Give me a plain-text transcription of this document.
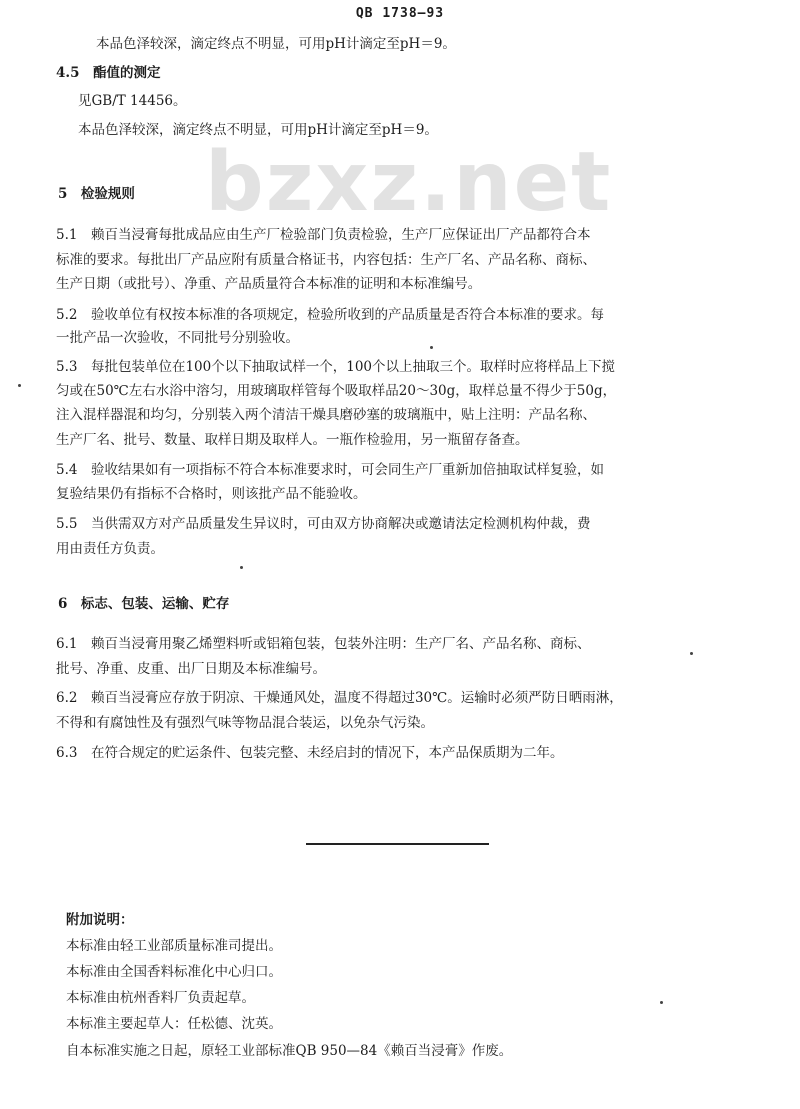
QB 1738—93
bzxz.net
本品色泽较深，滴定终点不明显，可用pH计滴定至pH＝9。
4.5　酯值的测定
见GB/T 14456。
本品色泽较深，滴定终点不明显，可用pH计滴定至pH＝9。
5　检验规则
5.1　赖百当浸膏每批成品应由生产厂检验部门负责检验，生产厂应保证出厂产品都符合本
标准的要求。每批出厂产品应附有质量合格证书，内容包括：生产厂名、产品名称、商标、
生产日期（或批号）、净重、产品质量符合本标准的证明和本标准编号。
5.2　验收单位有权按本标准的各项规定，检验所收到的产品质量是否符合本标准的要求。每
一批产品一次验收，不同批号分别验收。
5.3　每批包装单位在100个以下抽取试样一个，100个以上抽取三个。取样时应将样品上下搅
匀或在50℃左右水浴中溶匀，用玻璃取样管每个吸取样品20～30g，取样总量不得少于50g，
注入混样器混和均匀，分别装入两个清洁干燥具磨砂塞的玻璃瓶中，贴上注明：产品名称、
生产厂名、批号、数量、取样日期及取样人。一瓶作检验用，另一瓶留存备查。
5.4　验收结果如有一项指标不符合本标准要求时，可会同生产厂重新加倍抽取试样复验，如
复验结果仍有指标不合格时，则该批产品不能验收。
5.5　当供需双方对产品质量发生异议时，可由双方协商解决或邀请法定检测机构仲裁，费
用由责任方负责。
6　标志、包装、运输、贮存
6.1　赖百当浸膏用聚乙烯塑料听或铝箱包装，包装外注明：生产厂名、产品名称、商标、
批号、净重、皮重、出厂日期及本标准编号。
6.2　赖百当浸膏应存放于阴凉、干燥通风处，温度不得超过30℃。运输时必须严防日晒雨淋，
不得和有腐蚀性及有强烈气味等物品混合装运，以免杂气污染。
6.3　在符合规定的贮运条件、包装完整、未经启封的情况下，本产品保质期为二年。
附加说明：
本标准由轻工业部质量标准司提出。
本标准由全国香料标准化中心归口。
本标准由杭州香料厂负责起草。
本标准主要起草人：任松德、沈英。
自本标准实施之日起，原轻工业部标准QB 950—84《赖百当浸膏》作废。
